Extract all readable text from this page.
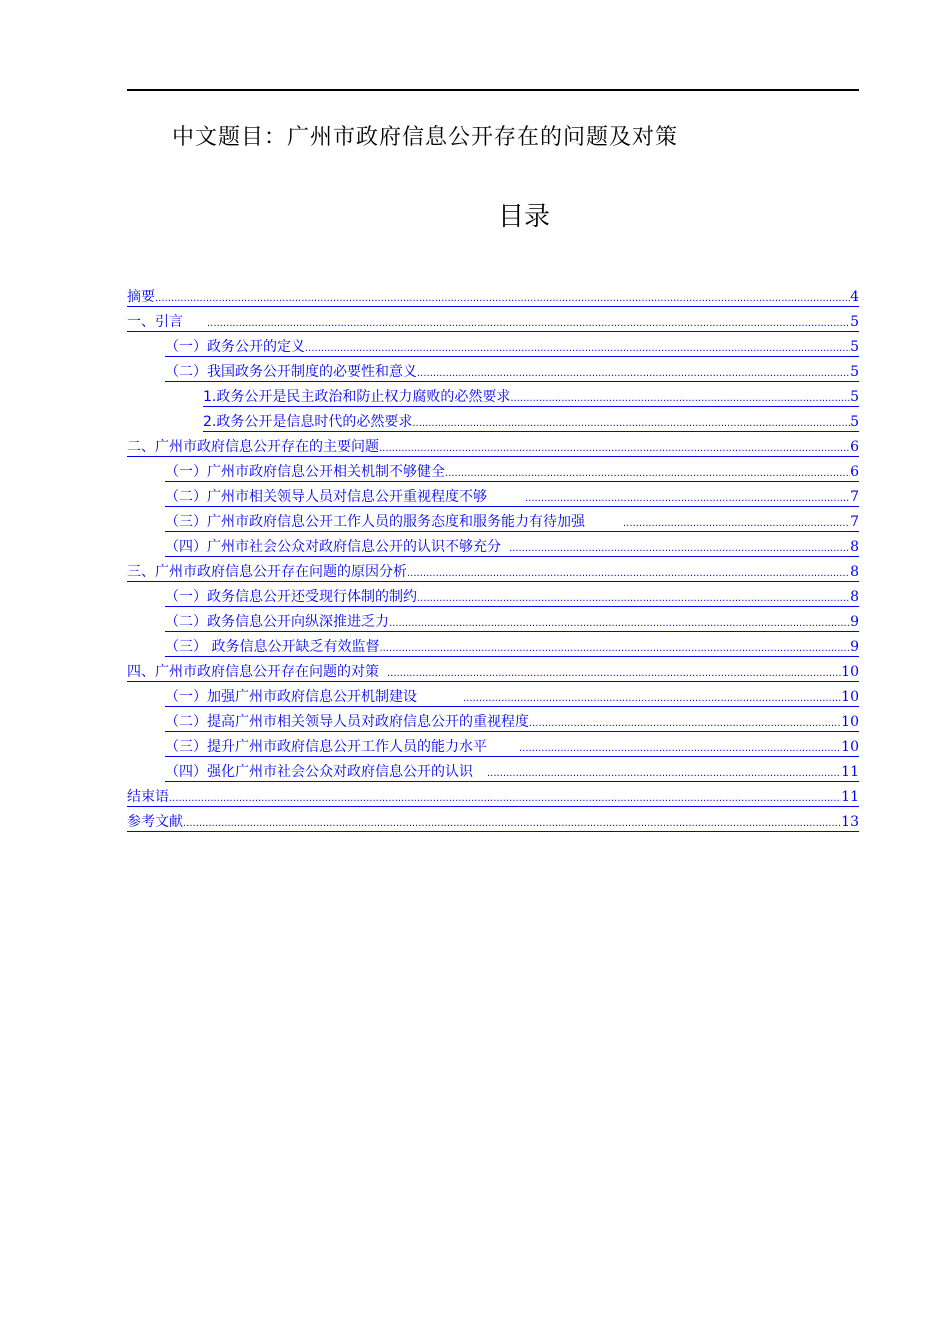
中文题目：广州市政府信息公开存在的问题及对策
目录
摘要 .....	4
一、引言 .....	5
（一）政务公开的定义 .....	5
（二）我国政务公开制度的必要性和意义 .....	5
1.政务公开是民主政治和防止权力腐败的必然要求 .....	5
2.政务公开是信息时代的必然要求 .....	5
二、广州市政府信息公开存在的主要问题 .....	6
（一）广州市政府信息公开相关机制不够健全 .....	6
（二）广州市相关领导人员对信息公开重视程度不够 .....	7
（三）广州市政府信息公开工作人员的服务态度和服务能力有待加强 .....	7
（四）广州市社会公众对政府信息公开的认识不够充分 .....	8
三、广州市政府信息公开存在问题的原因分析 .....	8
（一）政务信息公开还受现行体制的制约 .....	8
（二）政务信息公开向纵深推进乏力 .....	9
（三） 政务信息公开缺乏有效监督 .....	9
四、广州市政府信息公开存在问题的对策 .....	10
（一）加强广州市政府信息公开机制建设 .....	10
（二）提高广州市相关领导人员对政府信息公开的重视程度 .....	10
（三）提升广州市政府信息公开工作人员的能力水平 .....	10
（四）强化广州市社会公众对政府信息公开的认识 .....	11
结束语 .....	11
参考文献 .....	13
